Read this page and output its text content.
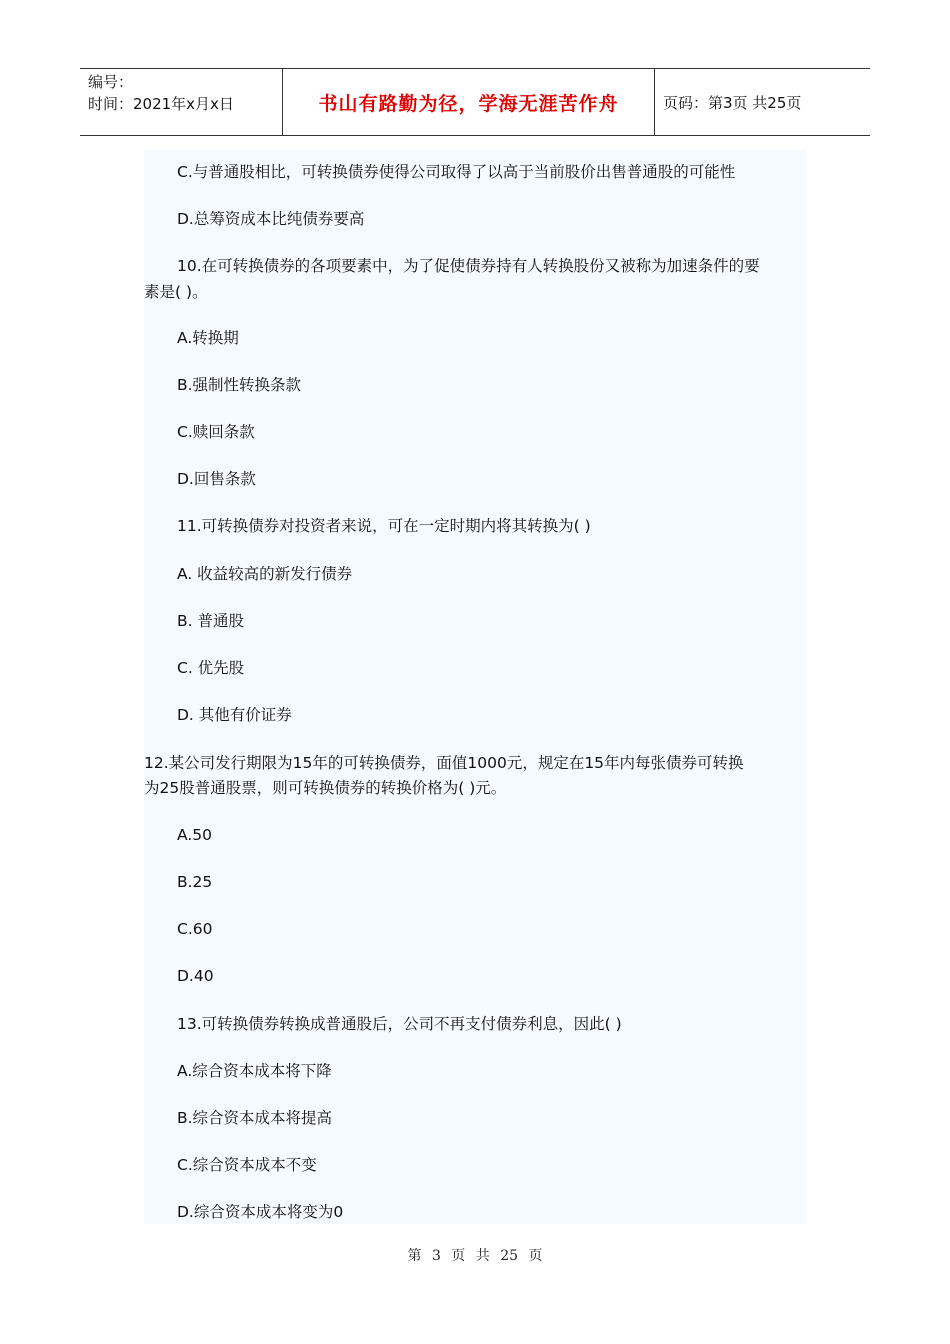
编号：
时间：2021年x月x日	书山有路勤为径，学海无涯苦作舟	页码：第3页 共25页
C.与普通股相比，可转换债券使得公司取得了以高于当前股价出售普通股的可能性
D.总筹资成本比纯债券要高
10.在可转换债券的各项要素中，为了促使债券持有人转换股份又被称为加速条件的要
素是( )。
A.转换期
B.强制性转换条款
C.赎回条款
D.回售条款
11.可转换债券对投资者来说，可在一定时期内将其转换为( )
A. 收益较高的新发行债券
B. 普通股
C. 优先股
D. 其他有价证券
12.某公司发行期限为15年的可转换债券，面值1000元，规定在15年内每张债券可转换
为25股普通股票，则可转换债券的转换价格为( )元。
A.50
B.25
C.60
D.40
13.可转换债券转换成普通股后，公司不再支付债券利息，因此( )
A.综合资本成本将下降
B.综合资本成本将提高
C.综合资本成本不变
D.综合资本成本将变为0
第 3 页 共 25 页
